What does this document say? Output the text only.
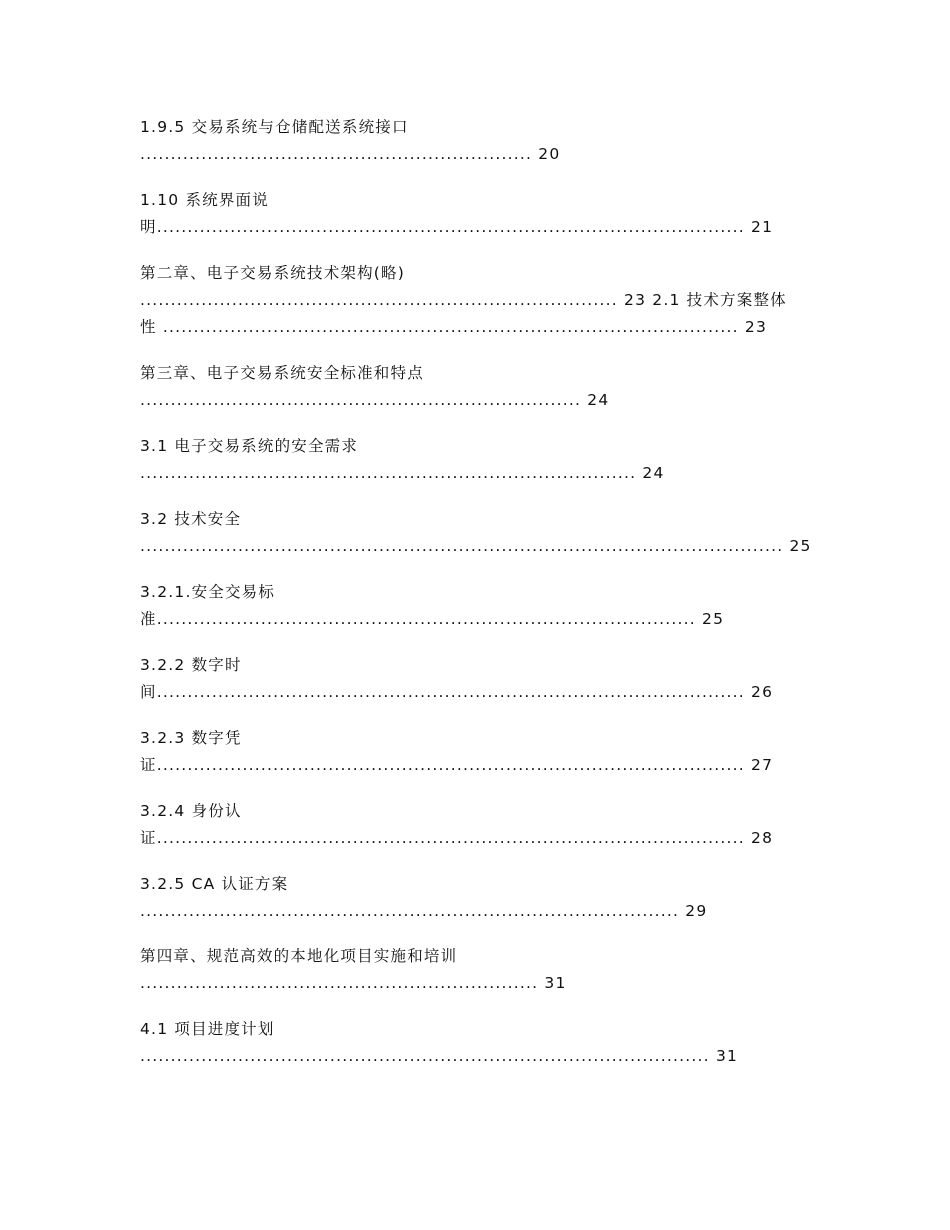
1.9.5 交易系统与仓储配送系统接口
................................................................ 20
1.10 系统界面说
明................................................................................................ 21
第二章、电子交易系统技术架构(略)
.............................................................................. 23 2.1 技术方案整体
性 .............................................................................................. 23
第三章、电子交易系统安全标准和特点
........................................................................ 24
3.1 电子交易系统的安全需求
................................................................................. 24
3.2 技术安全
......................................................................................................... 25
3.2.1.安全交易标
准........................................................................................ 25
3.2.2 数字时
间................................................................................................ 26
3.2.3 数字凭
证................................................................................................ 27
3.2.4 身份认
证................................................................................................ 28
3.2.5 CA 认证方案
........................................................................................ 29
第四章、规范高效的本地化项目实施和培训
................................................................. 31
4.1 项目进度计划
............................................................................................. 31
